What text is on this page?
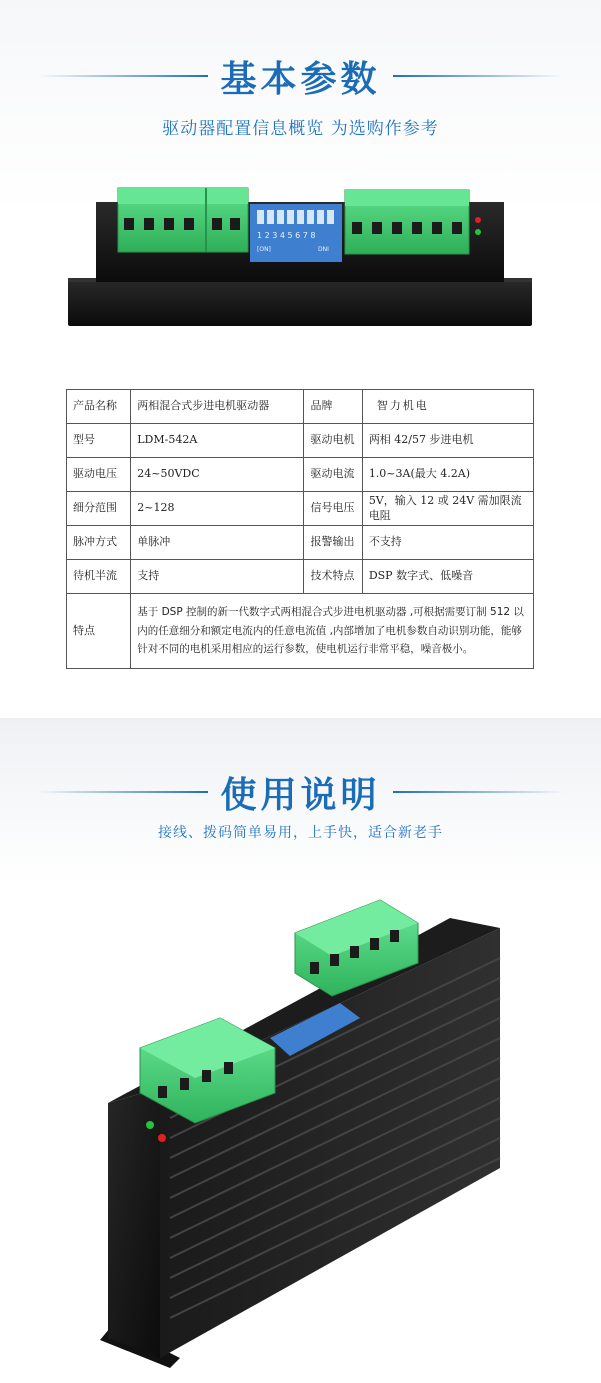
基本参数
驱动器配置信息概览 为选购作参考
1 2 3 4 5 6 7 8
[ON]	DNI
产品名称	两相混合式步进电机驱动器	品牌	智力机电
型号	LDM-542A	驱动电机	两相 42/57 步进电机
驱动电压	24~50VDC	驱动电流	1.0~3A(最大 4.2A)
细分范围	2~128	信号电压	5V，输入 12 或 24V 需加限流电阻
脉冲方式	单脉冲	报警输出	不支持
待机半流	支持	技术特点	DSP 数字式、低噪音
特点	基于 DSP 控制的新一代数字式两相混合式步进电机驱动器 ,可根据需要订制 512 以内的任意细分和额定电流内的任意电流值 ,内部增加了电机参数自动识别功能，能够针对不同的电机采用相应的运行参数，使电机运行非常平稳，噪音极小。		
使用说明
接线、拨码简单易用，上手快，适合新老手
